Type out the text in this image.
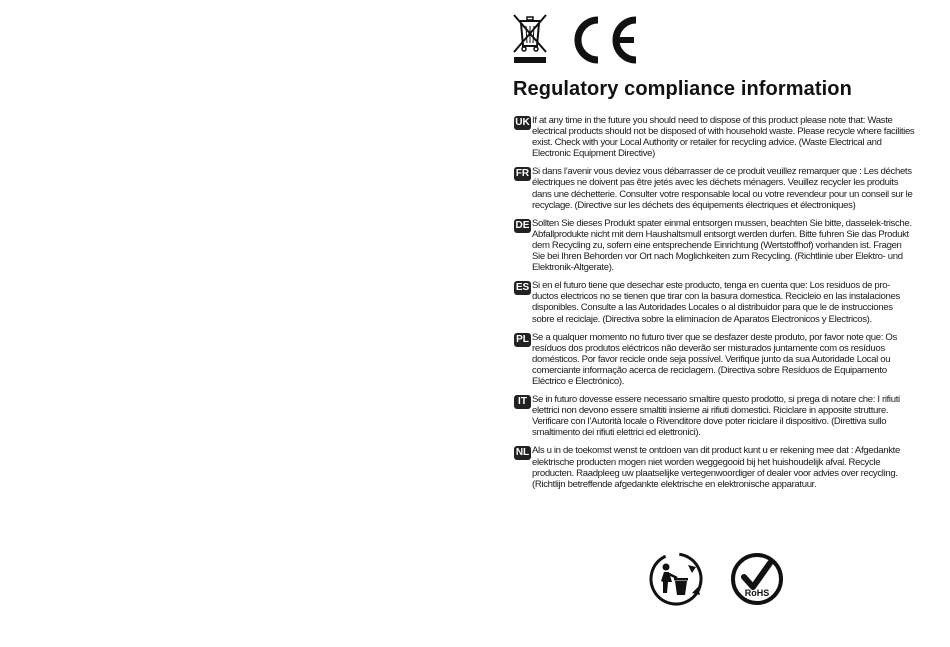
Regulatory compliance information
UK If at any time in the future you should need to dispose of this product please note that: Waste electrical products should not be disposed of with household waste. Please recycle where facilities exist. Check with your Local Authority or retailer for recycling advice. (Waste Electrical and Electronic Equipment Directive)
FR Si dans l’avenir vous deviez vous débarrasser de ce produit veuillez remarquer que : Les déchets électriques ne doivent pas être jetés avec les déchets ménagers. Veuillez recycler les produits dans une déchetterie. Consulter votre responsable local ou votre revendeur pour un conseil sur le recyclage. (Directive sur les déchets des équipements électriques et électroniques)
DE Sollten Sie dieses Produkt spater einmal entsorgen mussen, beachten Sie bitte, dasselek-trische. Abfallprodukte nicht mit dem Haushaltsmull entsorgt werden durfen. Bitte fuhren Sie das Produkt dem Recycling zu, sofern eine entsprechende Einrichtung (Wertstoffhof) vorhanden ist. Fragen Sie bei Ihren Behorden vor Ort nach Moglichkeiten zum Recycling. (Richtlinie uber Elektro- und Elektronik-Altgerate).
ES Si en el futuro tiene que desechar este producto, tenga en cuenta que: Los residuos de pro-ductos electricos no se tienen que tirar con la basura domestica. Recicleio en las instalaciones disponibles. Consulte a las Autoridades Locales o al distribuidor para que le de instrucciones sobre el reciclaje. (Directiva sobre la eliminacion de Aparatos Electronicos y Electricos).
PL Se a qualquer momento no futuro tiver que se desfazer deste produto, por favor note que: Os resíduos dos produtos eléctricos não deverão ser misturados juntamente com os resíduos domésticos. Por favor recicle onde seja possível. Verifique junto da sua Autoridade Local ou comerciante informação acerca de reciclagem. (Directiva sobre Resíduos de Equipamento Eléctrico e Electrónico).
IT Se in futuro dovesse essere necessario smaltire questo prodotto, si prega di notare che: I rifiuti elettrici non devono essere smaltiti insieme ai rifiuti domestici. Riciclare in apposite strutture. Verificare con l’Autorità locale o Rivenditore dove poter riciclare il dispositivo. (Direttiva sullo smaltimento dei rifiuti elettrici ed elettronici).
NL Als u in de toekomst wenst te ontdoen van dit product kunt u er rekening mee dat : Afgedankte elektrische producten mogen niet worden weggegooid bij het huishoudelijk afval. Recycle producten. Raadpleeg uw plaatselijke vertegenwoordiger of dealer voor advies over recycling. (Richtlijn betreffende afgedankte elektrische en elektronische apparatuur.
RoHS
